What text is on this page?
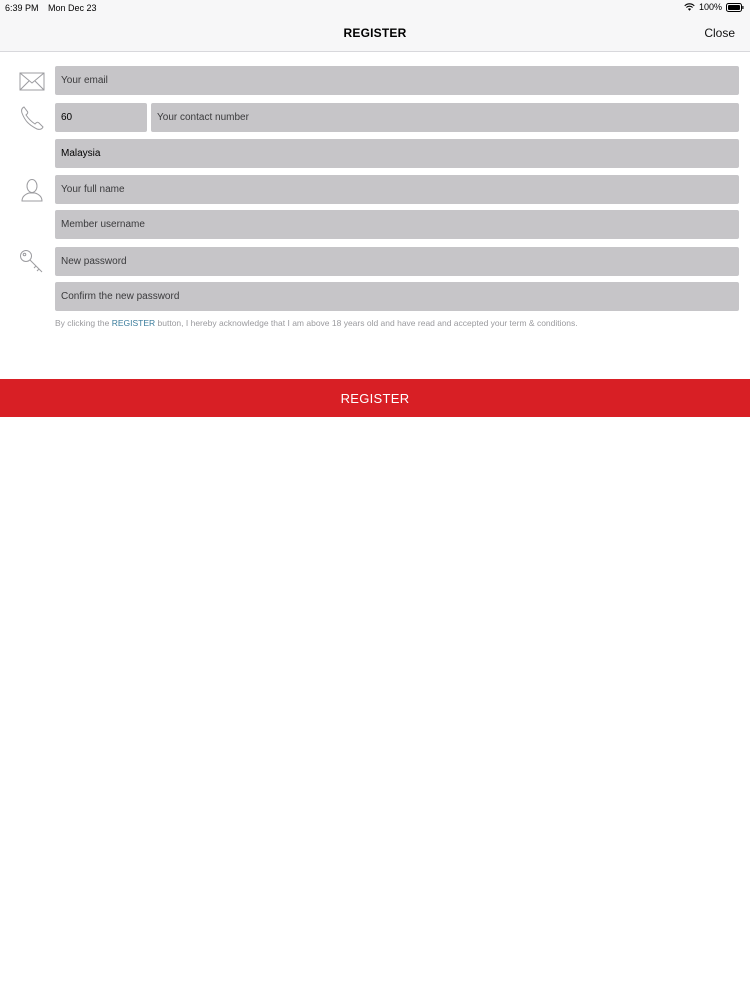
6:39 PM Mon Dec 23	100%
REGISTER	Close
Your email
60
Your contact number
Malaysia
Your full name
Member username
By clicking the REGISTER button, I hereby acknowledge that I am above 18 years old and have read and accepted your term & conditions.
REGISTER
